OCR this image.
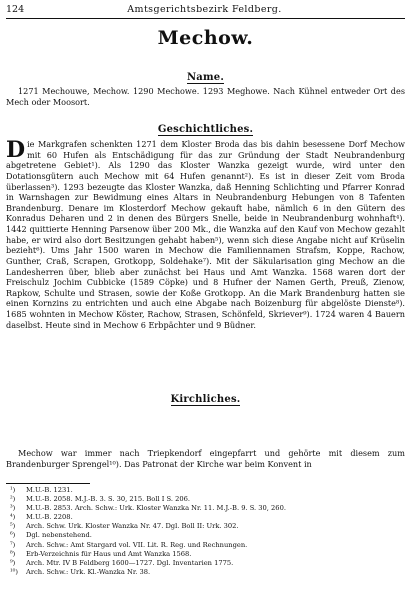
124	Amtsgerichtsbezirk Feldberg.
Mechow.
Name.

1271 Mechouwe, Mechow. 1290 Mechowe. 1293 Meghowe. Nach Kühnel entweder Ort des Mech oder Moosort.

Geschichtliches.

Die Markgrafen schenkten 1271 dem Kloster Broda das bis dahin besessene Dorf Mechow mit 60 Hufen als Entschädigung für das zur Gründung der Stadt Neubrandenburg abgetretene Gebiet¹). Als 1290 das Kloster Wanzka gezeigt wurde, wird unter den Dotationsgütern auch Mechow mit 64 Hufen genannt²). Es ist in dieser Zeit vom Broda überlassen³). 1293 bezeugte das Kloster Wanzka, daß Henning Schlichting und Pfarrer Konrad in Warnshagen zur Bewidmung eines Altars in Neubrandenburg Hebungen von 8 Tafenten Brandenburg. Denare im Klosterdorf Mechow gekauft habe, nämlich 6 in den Gütern des Konradus Deharen und 2 in denen des Bürgers Snelle, beide in Neubrandenburg wohnhaft⁴). 1442 quittierte Henning Parsenow über 200 Mk., die Wanzka auf den Kauf von Mechow gezahlt habe, er wird also dort Besitzungen gehabt haben⁵), wenn sich diese Angabe nicht auf Krüselin bezieht⁶). Ums Jahr 1500 waren in Mechow die Familiennamen Strafsm, Koppe, Rachow, Gunther, Craß, Scrapen, Grotkopp, Soldehake⁷). Mit der Säkularisation ging Mechow an die Landesherren über, blieb aber zunächst bei Haus und Amt Wanzka. 1568 waren dort der Freischulz Jochim Cubbicke (1589 Cöpke) und 8 Hufner der Namen Gerth, Preuß, Zienow, Rapkow, Schulte und Strasen, sowie der Koße Grotkopp. An die Mark Brandenburg hatten sie einen Kornzins zu entrichten und auch eine Abgabe nach Boizenburg für abgelöste Dienste⁸). 1685 wohnten in Mechow Köster, Rachow, Strasen, Schönfeld, Skriever⁹). 1724 waren 4 Bauern daselbst. Heute sind in Mechow 6 Erbpächter und 9 Büdner.

Kirchliches.

Mechow war immer nach Triepkendorf eingepfarrt und gehörte mit diesem zum Brandenburger Sprengel¹⁰). Das Patronat der Kirche war beim Konvent in

¹) M.U.-B. 1231.
²) M.U.-B. 2058. M.J.-B. 3. S. 30, 215. Boll I S. 206.
³) M.U.-B. 2853. Arch. Schw.: Urk. Kloster Wanzka Nr. 11. M.J.-B. 9. S. 30, 260.
⁴) M.U.-B. 2208.
⁵) Arch. Schw. Urk. Kloster Wanzka Nr. 47. Dgl. Boll II: Urk. 302.
⁶) Dgl. nebenstehend.
⁷) Arch. Schw.: Amt Stargard vol. VII. Lit. R. Reg. und Rechnungen.
⁸) Erb-Verzeichnis für Haus und Amt Wanzka 1568.
⁹) Arch. Mtr. IV B Feldberg 1600—1727. Dgl. Inventarien 1775.
¹⁰) Arch. Schw.: Urk. Kl.-Wanzka Nr. 38.
